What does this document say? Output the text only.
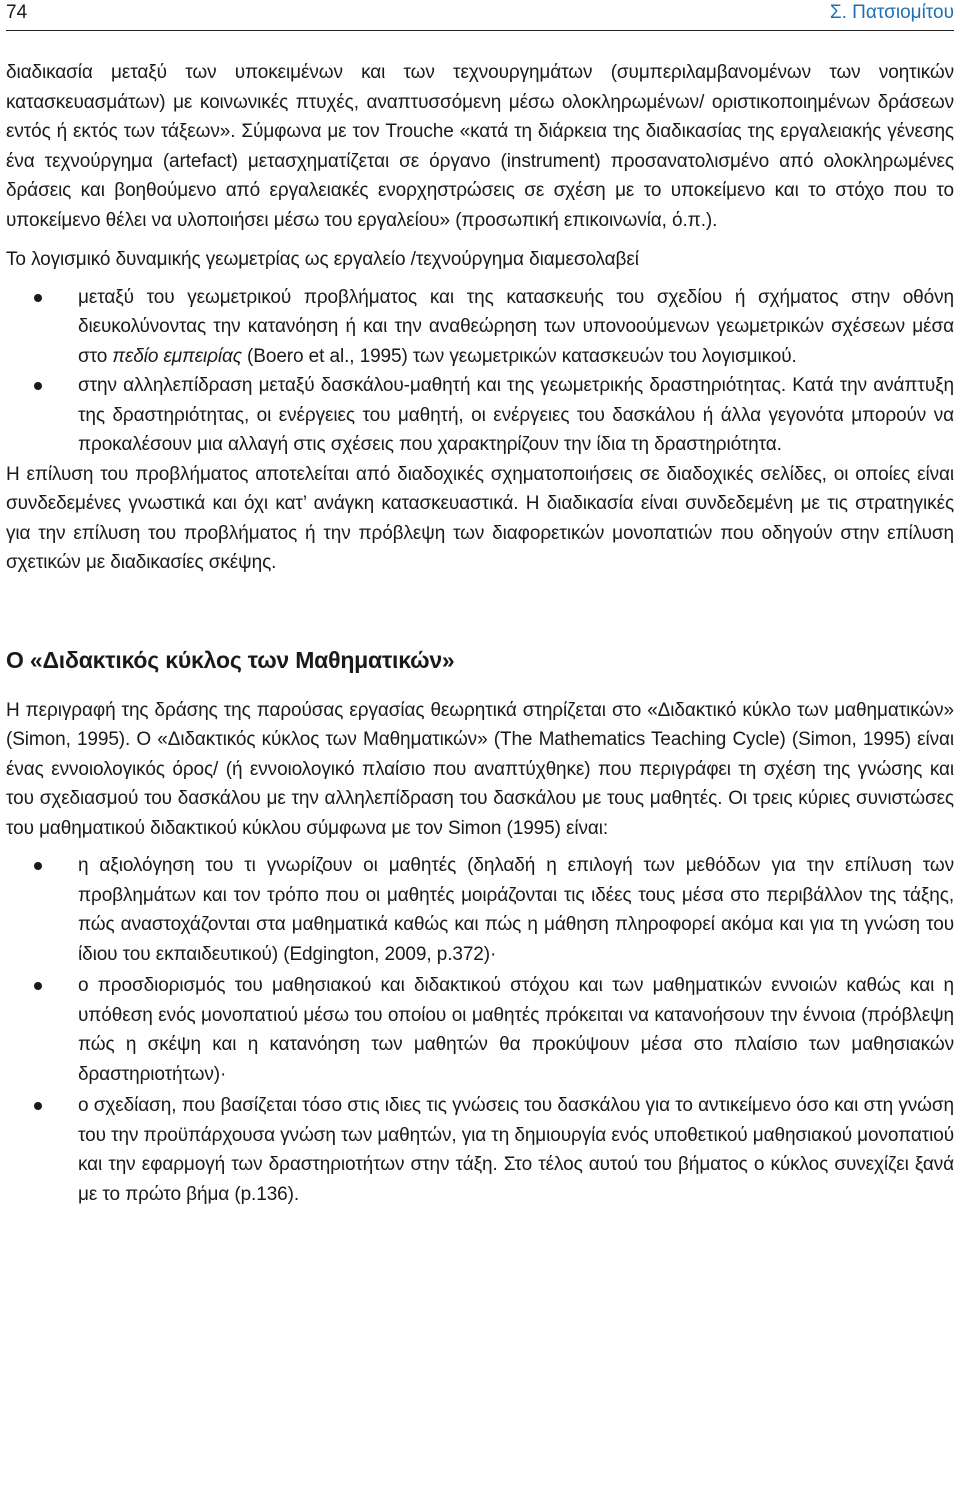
74	Σ. Πατσιομίτου

διαδικασία μεταξύ των υποκειμένων και των τεχνουργημάτων (συμπεριλαμβανομένων των νοητικών κατασκευασμάτων) με κοινωνικές πτυχές, αναπτυσσόμενη μέσω ολοκληρωμένων/ οριστικοποιημένων δράσεων εντός ή εκτός των τάξεων». Σύμφωνα με τον Trouche «κατά τη διάρκεια της διαδικασίας της εργαλειακής γένεσης ένα τεχνούργημα (artefact) μετασχηματίζεται σε όργανο (instrument) προσανατολισμένο από ολοκληρωμένες δράσεις και βοηθούμενο από εργαλειακές ενορχηστρώσεις σε σχέση με το υποκείμενο και το στόχο που το υποκείμενο θέλει να υλοποιήσει μέσω του εργαλείου» (προσωπική επικοινωνία, ό.π.).

Το λογισμικό δυναμικής γεωμετρίας ως εργαλείο /τεχνούργημα διαμεσολαβεί

μεταξύ του γεωμετρικού προβλήματος και της κατασκευής του σχεδίου ή σχήματος στην οθόνη διευκολύνοντας την κατανόηση ή και την αναθεώρηση των υπονοούμενων γεωμετρικών σχέσεων μέσα στο πεδίο εμπειρίας (Boero et al., 1995) των γεωμετρικών κατασκευών του λογισμικού.

στην αλληλεπίδραση μεταξύ δασκάλου-μαθητή και της γεωμετρικής δραστηριότητας. Κατά την ανάπτυξη της δραστηριότητας, οι ενέργειες του μαθητή, οι ενέργειες του δασκάλου ή άλλα γεγονότα μπορούν να προκαλέσουν μια αλλαγή στις σχέσεις που χαρακτηρίζουν την ίδια τη δραστηριότητα.

Η επίλυση του προβλήματος αποτελείται από διαδοχικές σχηματοποιήσεις σε διαδοχικές σελίδες, οι οποίες είναι συνδεδεμένες γνωστικά και όχι κατ’ ανάγκη κατασκευαστικά. Η διαδικασία είναι συνδεδεμένη με τις στρατηγικές για την επίλυση του προβλήματος ή την πρόβλεψη των διαφορετικών μονοπατιών που οδηγούν στην επίλυση σχετικών με διαδικασίες σκέψης.

Ο «Διδακτικός κύκλος των Μαθηματικών»

Η περιγραφή της δράσης της παρούσας εργασίας θεωρητικά στηρίζεται στο «Διδακτικό κύκλο των μαθηματικών» (Simon, 1995). Ο «Διδακτικός κύκλος των Μαθηματικών» (The Mathematics Teaching Cycle) (Simon, 1995) είναι ένας εννοιολογικός όρος/ (ή εννοιολογικό πλαίσιο που αναπτύχθηκε) που περιγράφει τη σχέση της γνώσης και του σχεδιασμού του δασκάλου με την αλληλεπίδραση του δασκάλου με τους μαθητές. Οι τρεις κύριες συνιστώσες του μαθηματικού διδακτικού κύκλου σύμφωνα με τον Simon (1995) είναι:

η αξιολόγηση του τι γνωρίζουν οι μαθητές (δηλαδή η επιλογή των μεθόδων για την επίλυση των προβλημάτων και τον τρόπο που οι μαθητές μοιράζονται τις ιδέες τους μέσα στο περιβάλλον της τάξης, πώς αναστοχάζονται στα μαθηματικά καθώς και πώς η μάθηση πληροφορεί ακόμα και για τη γνώση του ίδιου του εκπαιδευτικού) (Edgington, 2009, p.372)·

ο προσδιορισμός του μαθησιακού και διδακτικού στόχου και των μαθηματικών εννοιών καθώς και η υπόθεση ενός μονοπατιού μέσω του οποίου οι μαθητές πρόκειται να κατανοήσουν την έννοια (πρόβλεψη πώς η σκέψη και η κατανόηση των μαθητών θα προκύψουν μέσα στο πλαίσιο των μαθησιακών δραστηριοτήτων)·

ο σχεδίαση, που βασίζεται τόσο στις ιδιες τις γνώσεις του δασκάλου για το αντικείμενο όσο και στη γνώση του την προϋπάρχουσα γνώση των μαθητών, για τη δημιουργία ενός υποθετικού μαθησιακού μονοπατιού και την εφαρμογή των δραστηριοτήτων στην τάξη. Στο τέλος αυτού του βήματος ο κύκλος συνεχίζει ξανά με το πρώτο βήμα (p.136).
